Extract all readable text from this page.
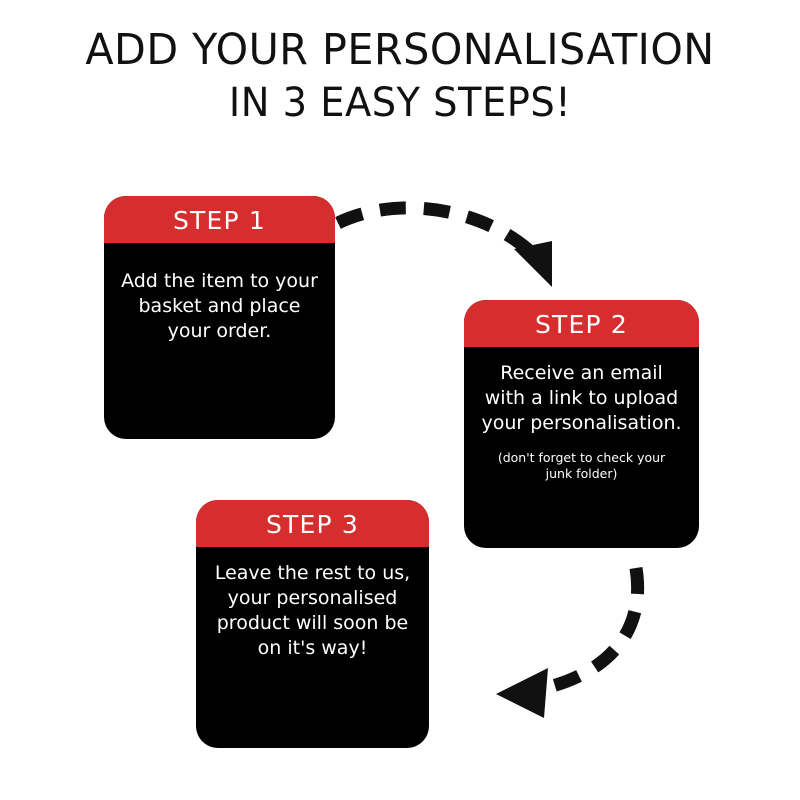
ADD YOUR PERSONALISATION
IN 3 EASY STEPS!
STEP 1
Add the item to your basket and place your order.	STEP 2
Receive an email with a link to upload your personalisation.
(don't forget to check your junk folder)
STEP 3
Leave the rest to us, your personalised product will soon be on it's way!
